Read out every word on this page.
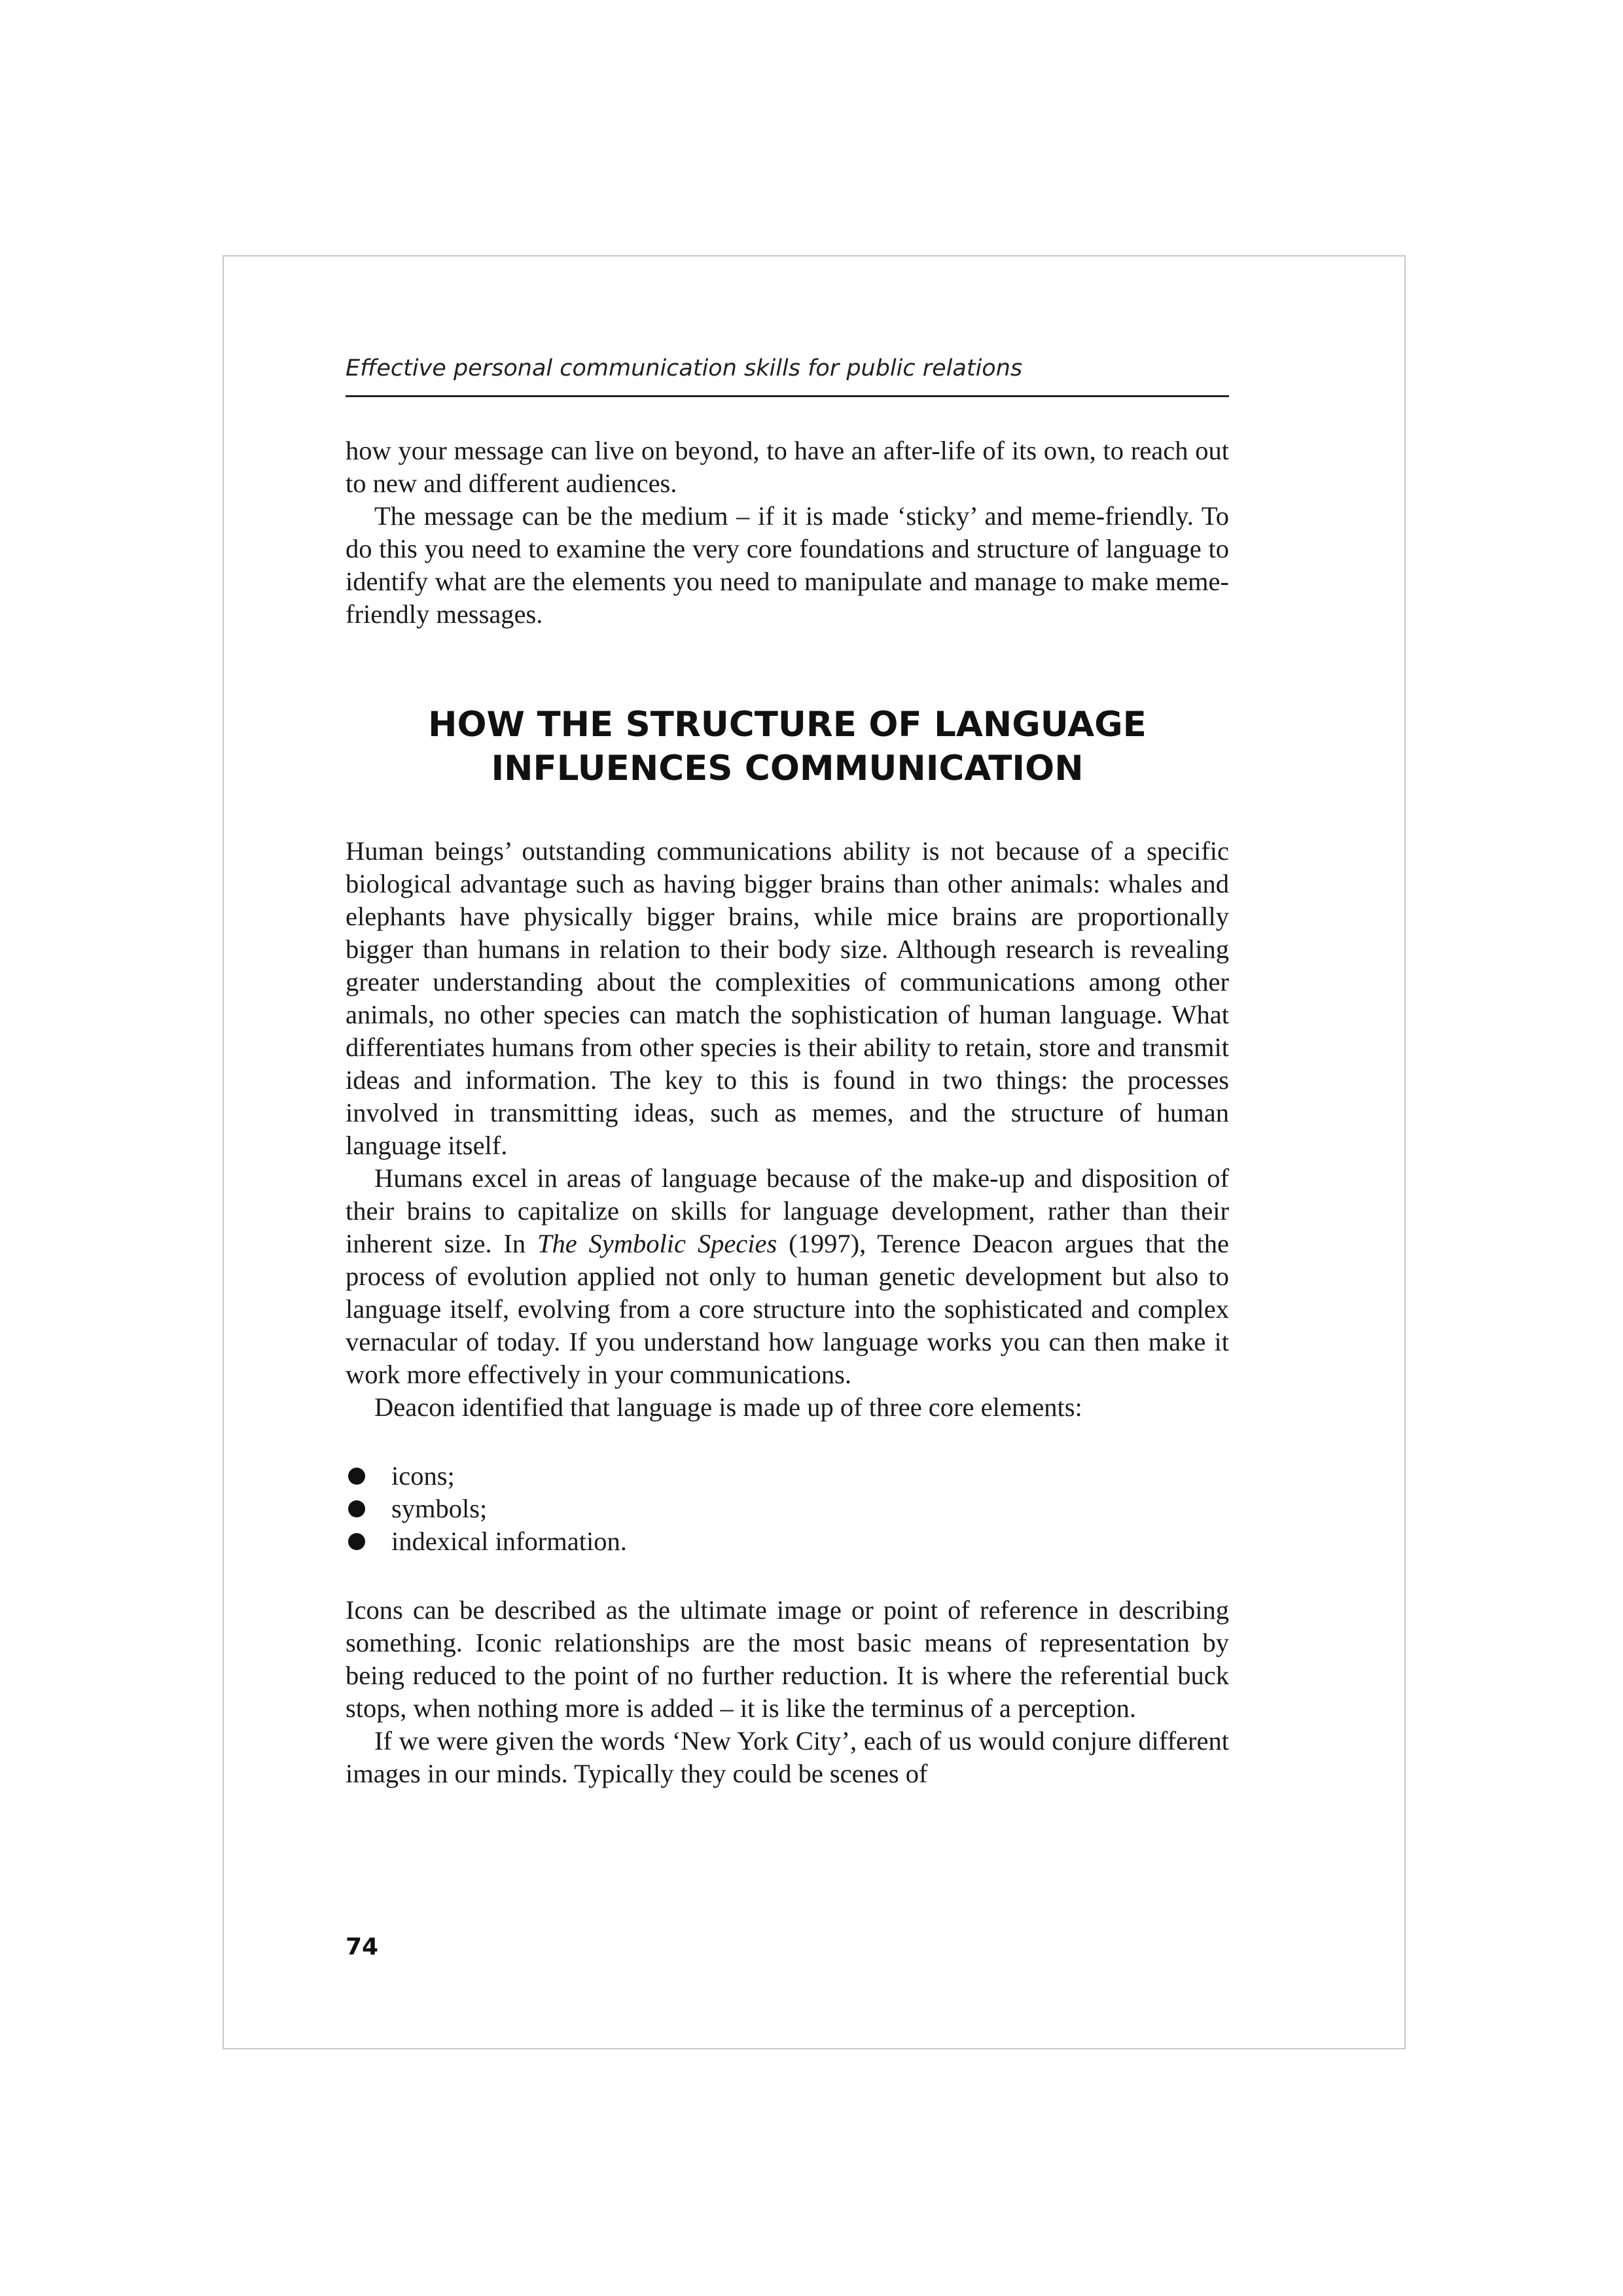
Effective personal communication skills for public relations

how your message can live on beyond, to have an after-life of its own, to reach out to new and different audiences.

The message can be the medium – if it is made ‘sticky’ and meme-friendly. To do this you need to examine the very core foundations and structure of language to identify what are the elements you need to manipulate and manage to make meme-friendly messages.

HOW THE STRUCTURE OF LANGUAGE
INFLUENCES COMMUNICATION

Human beings’ outstanding communications ability is not because of a specific biological advantage such as having bigger brains than other animals: whales and elephants have physically bigger brains, while mice brains are proportionally bigger than humans in relation to their body size. Although research is revealing greater understanding about the complexities of communications among other animals, no other species can match the sophistication of human language. What differentiates humans from other species is their ability to retain, store and transmit ideas and information. The key to this is found in two things: the processes involved in transmitting ideas, such as memes, and the structure of human language itself.

Humans excel in areas of language because of the make-up and disposition of their brains to capitalize on skills for language development, rather than their inherent size. In The Symbolic Species (1997), Terence Deacon argues that the process of evolution applied not only to human genetic development but also to language itself, evolving from a core structure into the sophisticated and complex vernacular of today. If you understand how language works you can then make it work more effectively in your communications.

Deacon identified that language is made up of three core elements:

icons;
symbols;
indexical information.

Icons can be described as the ultimate image or point of reference in describing something. Iconic relationships are the most basic means of representation by being reduced to the point of no further reduction. It is where the referential buck stops, when nothing more is added – it is like the terminus of a perception.

If we were given the words ‘New York City’, each of us would conjure different images in our minds. Typically they could be scenes of

74
